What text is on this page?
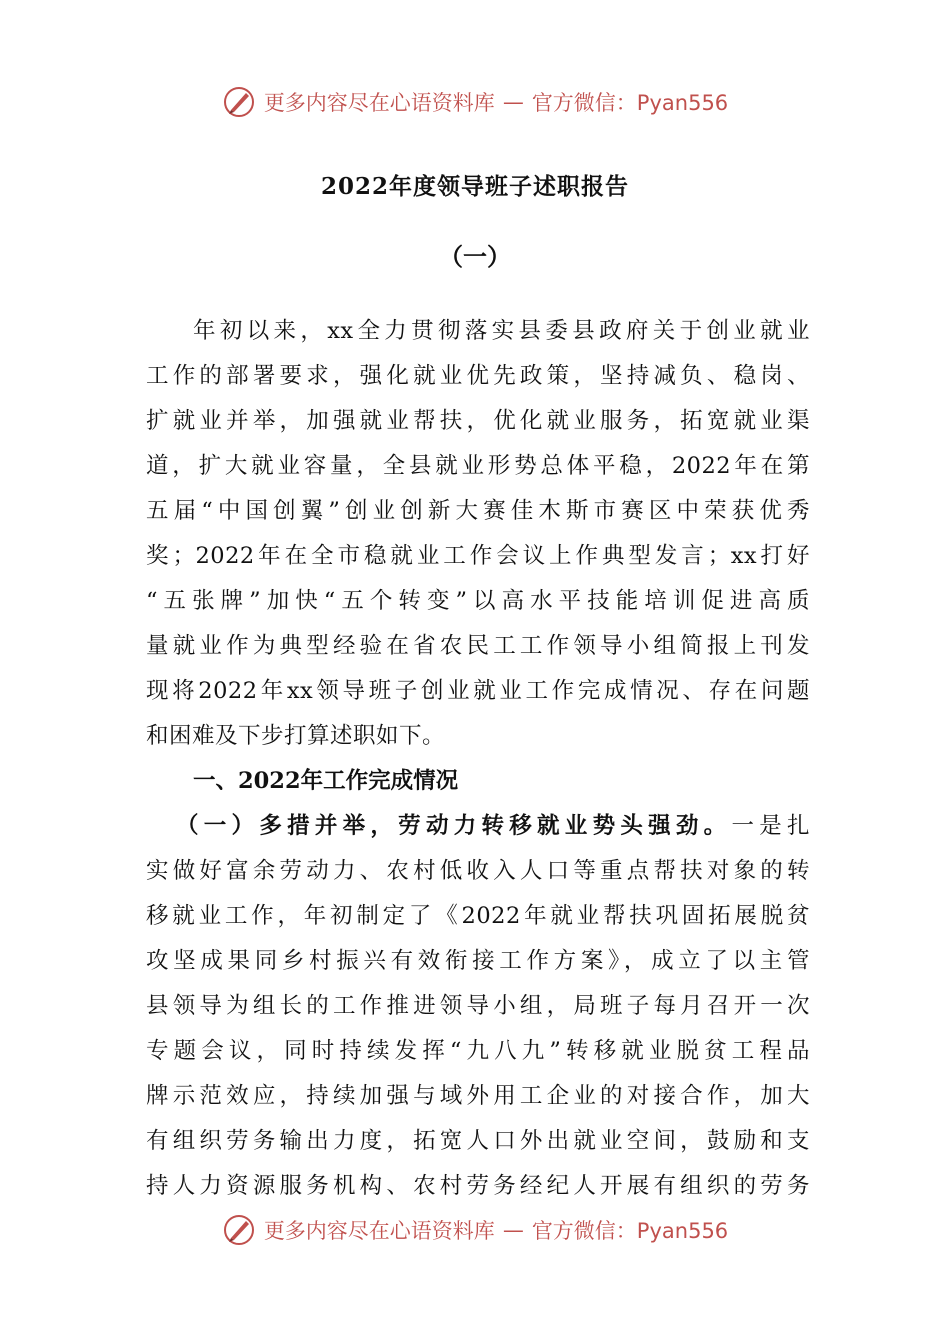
更多内容尽在心语资料库 — 官方微信：Pyan556
2022年度领导班子述职报告
（一）
年初以来，xx全力贯彻落实县委县政府关于创业就业
工作的部署要求，强化就业优先政策，坚持减负、稳岗、
扩就业并举，加强就业帮扶，优化就业服务，拓宽就业渠
道，扩大就业容量，全县就业形势总体平稳，2022年在第
五届“中国创翼”创业创新大赛佳木斯市赛区中荣获优秀
奖；2022年在全市稳就业工作会议上作典型发言；xx打好
“五张牌”加快“五个转变”以高水平技能培训促进高质
量就业作为典型经验在省农民工工作领导小组简报上刊发
现将2022年xx领导班子创业就业工作完成情况、存在问题
和困难及下步打算述职如下。
一、2022年工作完成情况
（一）多措并举，劳动力转移就业势头强劲。一是扎
实做好富余劳动力、农村低收入人口等重点帮扶对象的转
移就业工作，年初制定了《2022年就业帮扶巩固拓展脱贫
攻坚成果同乡村振兴有效衔接工作方案》，成立了以主管
县领导为组长的工作推进领导小组，局班子每月召开一次
专题会议，同时持续发挥“九八九”转移就业脱贫工程品
牌示范效应，持续加强与域外用工企业的对接合作，加大
有组织劳务输出力度，拓宽人口外出就业空间，鼓励和支
持人力资源服务机构、农村劳务经纪人开展有组织的劳务
更多内容尽在心语资料库 — 官方微信：Pyan556
